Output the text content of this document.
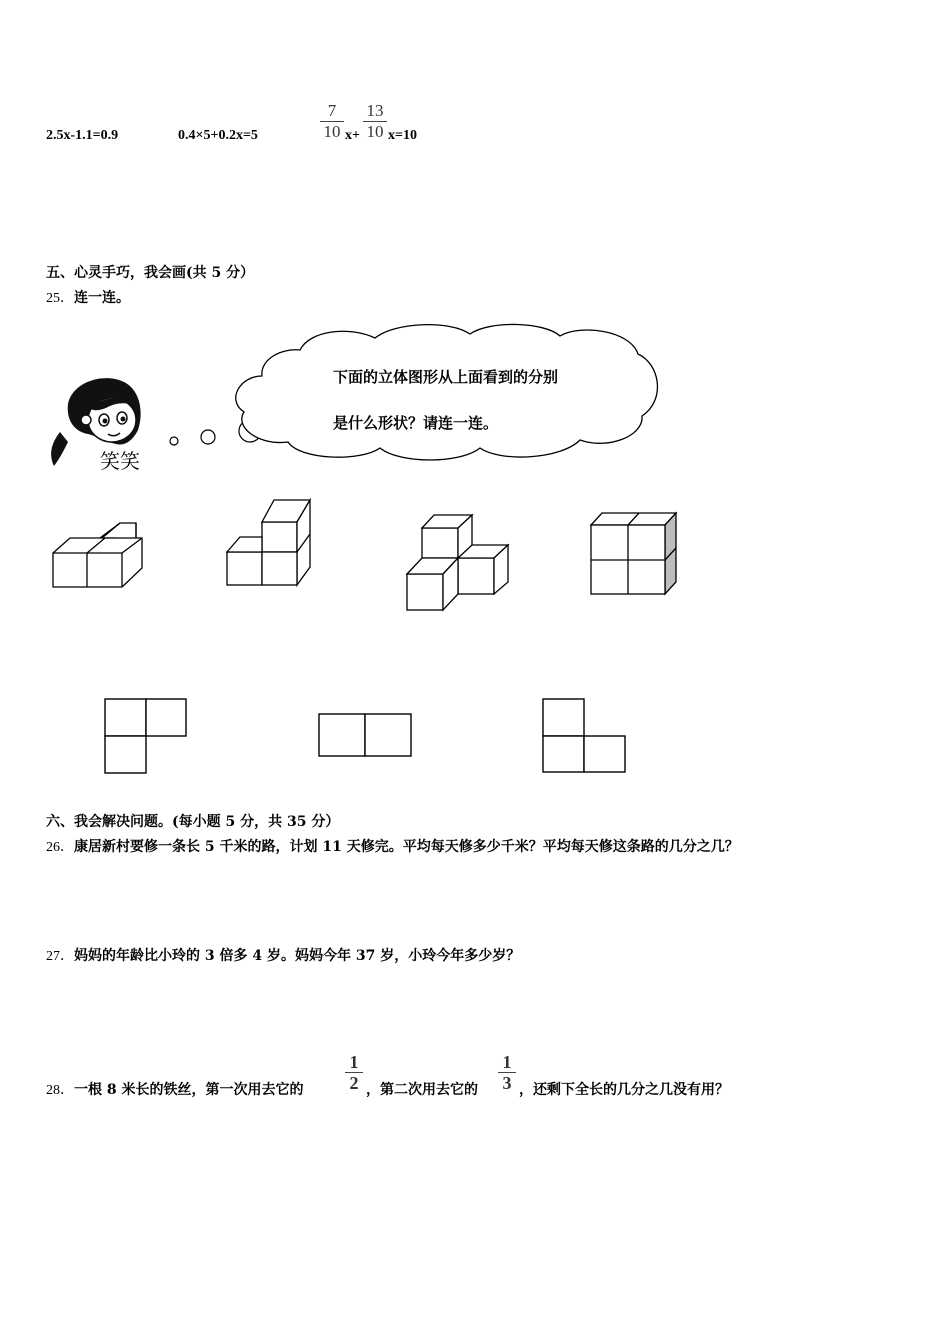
2.5x-1.1=0.9	0.4×5+0.2x=5
7
10 x+
13
10 x=10
五、心灵手巧，我会画(共 5 分）
25．连一连。
笑笑
下面的立体图形从上面看到的分别
是什么形状？请连一连。
六、我会解决问题。(每小题 5 分，共 35 分）
26．康居新村要修一条长 5 千米的路，计划 11 天修完。平均每天修多少千米？平均每天修这条路的几分之几？
27．妈妈的年龄比小玲的 3 倍多 4 岁。妈妈今年 37 岁，小玲今年多少岁？
28．一根 8 米长的铁丝，第一次用去它的
1
2 ，第二次用去它的
1
3 ，还剩下全长的几分之几没有用？
